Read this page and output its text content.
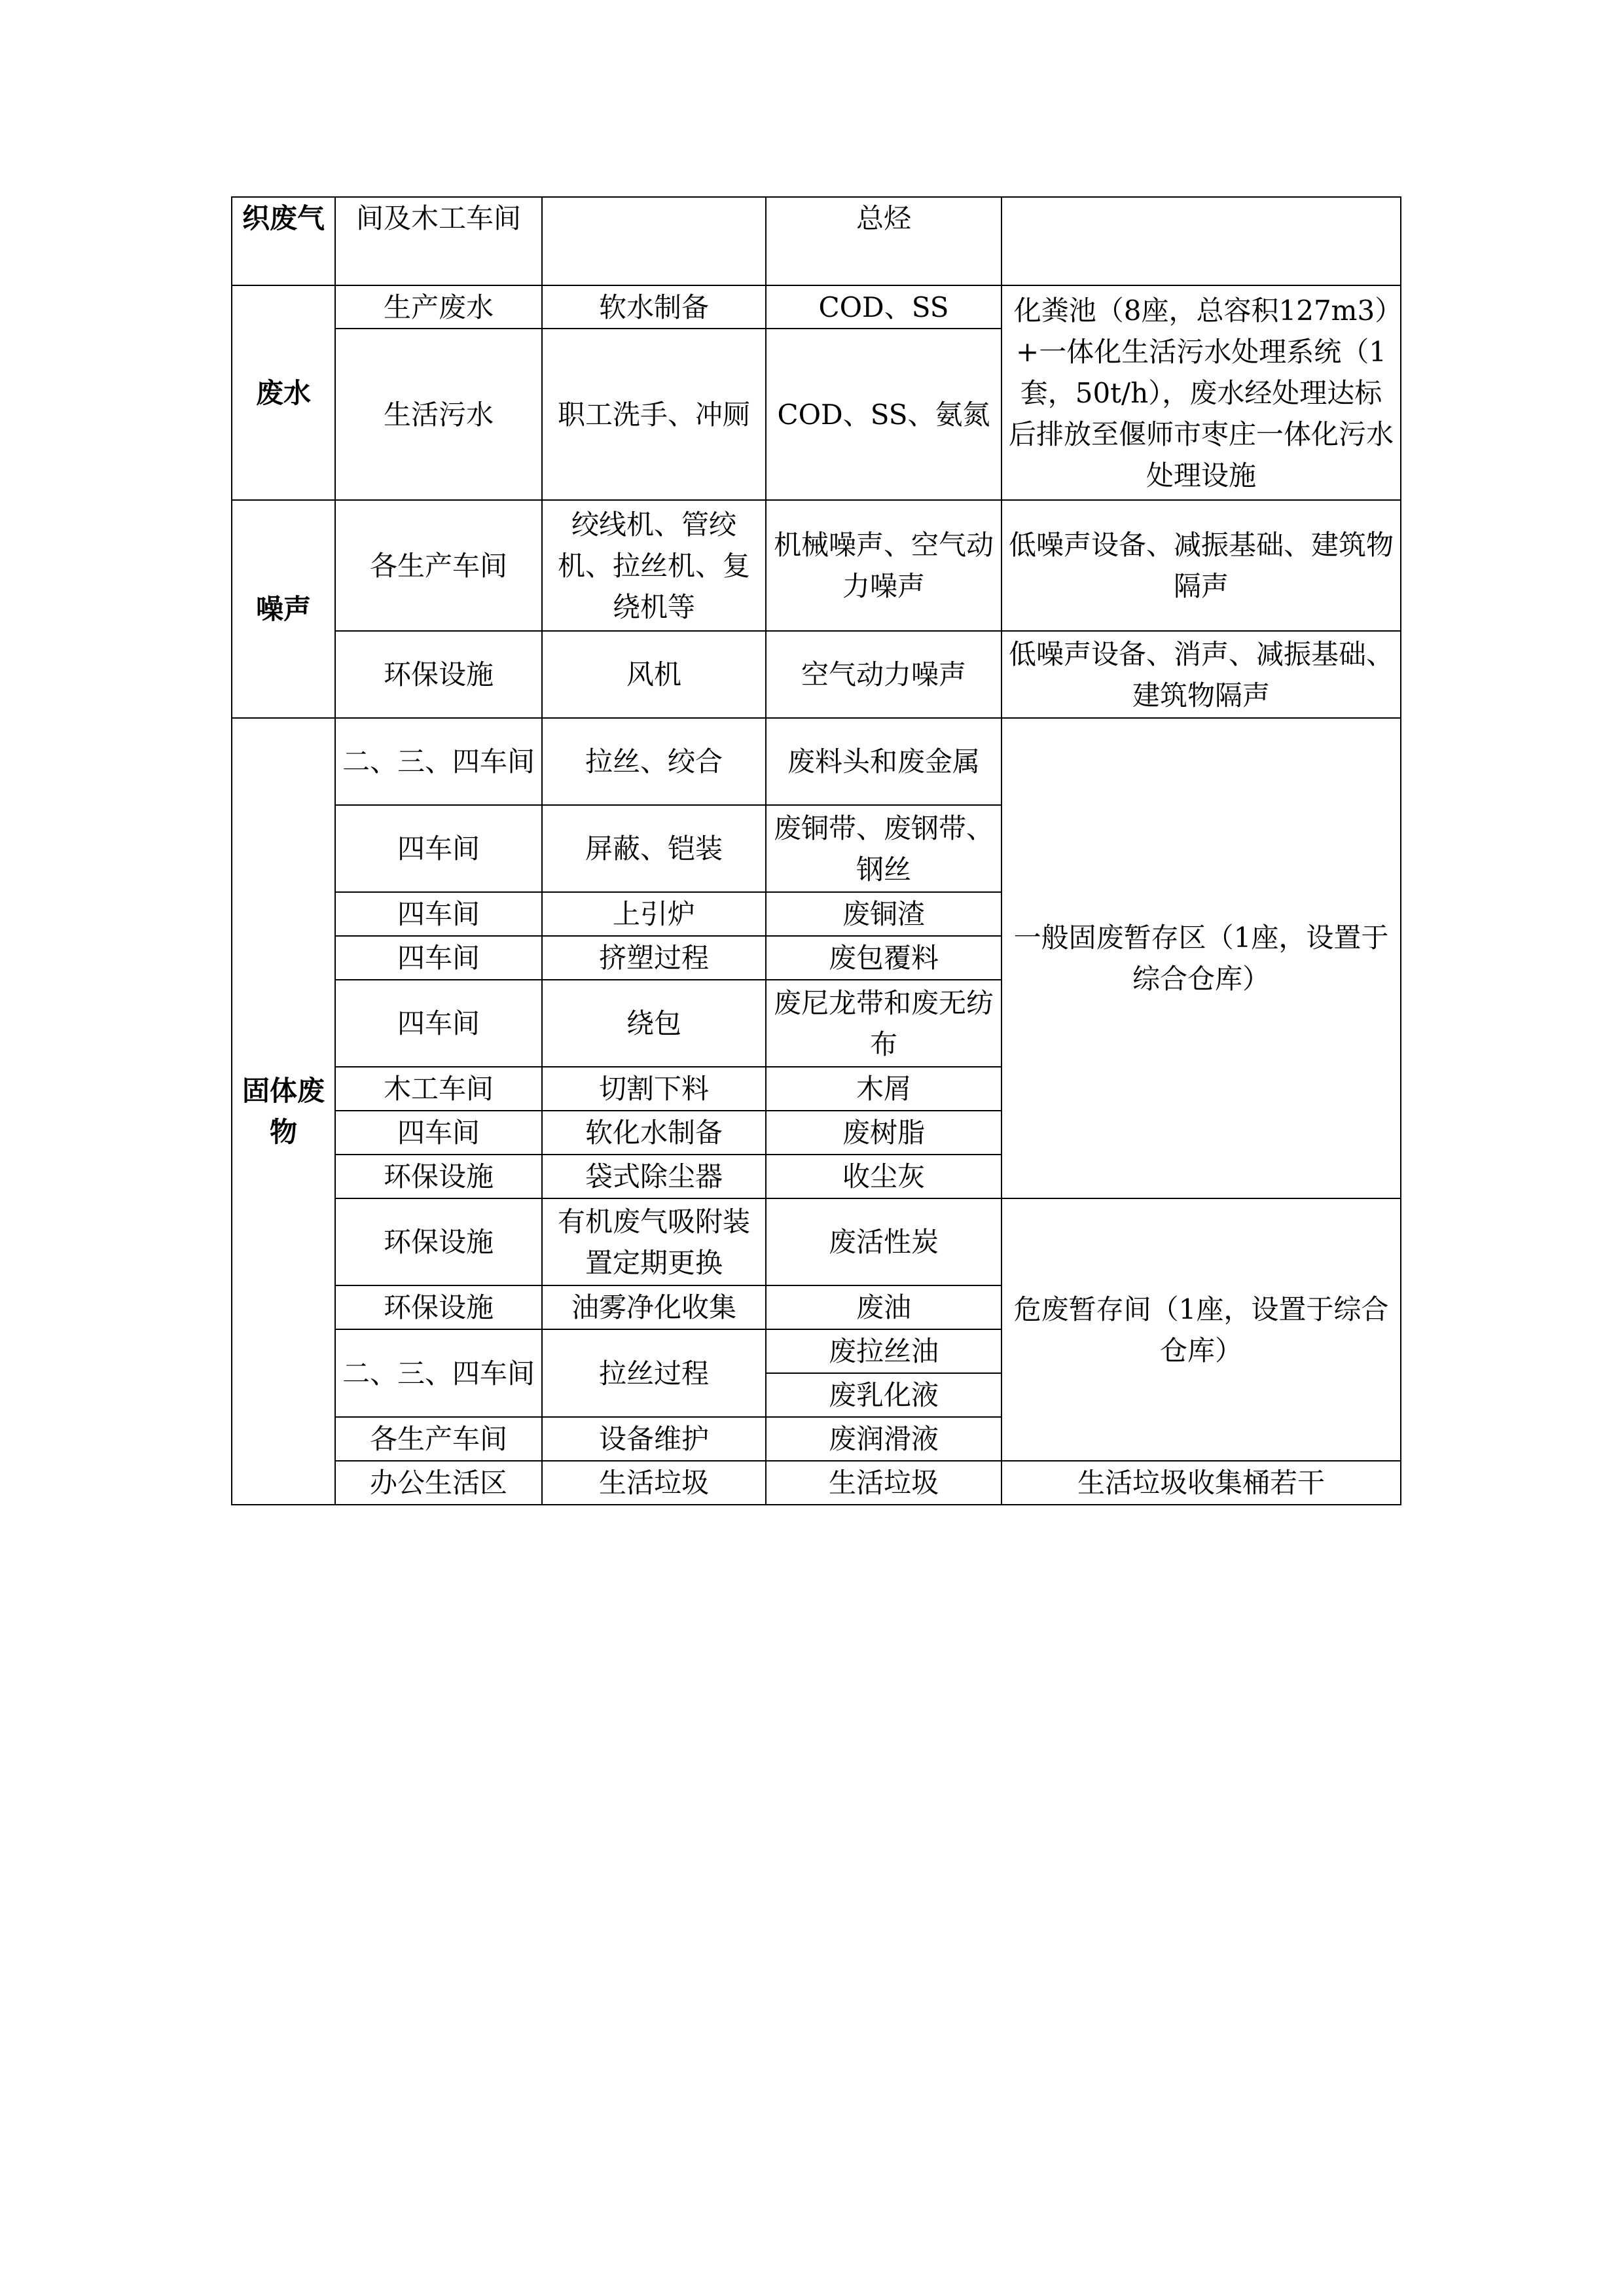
织废气	间及木工车间		总烃	
废水	生产废水	软水制备	COD、SS	化粪池（8座，总容积127m3）+一体化生活污水处理系统（1套，50t/h），废水经处理达标后排放至偃师市枣庄一体化污水处理设施
	生活污水	职工洗手、冲厕	COD、SS、氨氮	
噪声	各生产车间	绞线机、管绞机、拉丝机、复绕机等	机械噪声、空气动力噪声	低噪声设备、减振基础、建筑物隔声
	环保设施	风机	空气动力噪声	低噪声设备、消声、减振基础、建筑物隔声
固体废物	二、三、四车间	拉丝、绞合	废料头和废金属	一般固废暂存区（1座，设置于综合仓库）
	四车间	屏蔽、铠装	废铜带、废钢带、钢丝	
	四车间	上引炉	废铜渣	
	四车间	挤塑过程	废包覆料	
	四车间	绕包	废尼龙带和废无纺布	
	木工车间	切割下料	木屑	
	四车间	软化水制备	废树脂	
	环保设施	袋式除尘器	收尘灰	
	环保设施	有机废气吸附装置定期更换	废活性炭	危废暂存间（1座，设置于综合仓库）
	环保设施	油雾净化收集	废油	
	二、三、四车间	拉丝过程	废拉丝油	
			废乳化液	
	各生产车间	设备维护	废润滑液	
	办公生活区	生活垃圾	生活垃圾	生活垃圾收集桶若干
